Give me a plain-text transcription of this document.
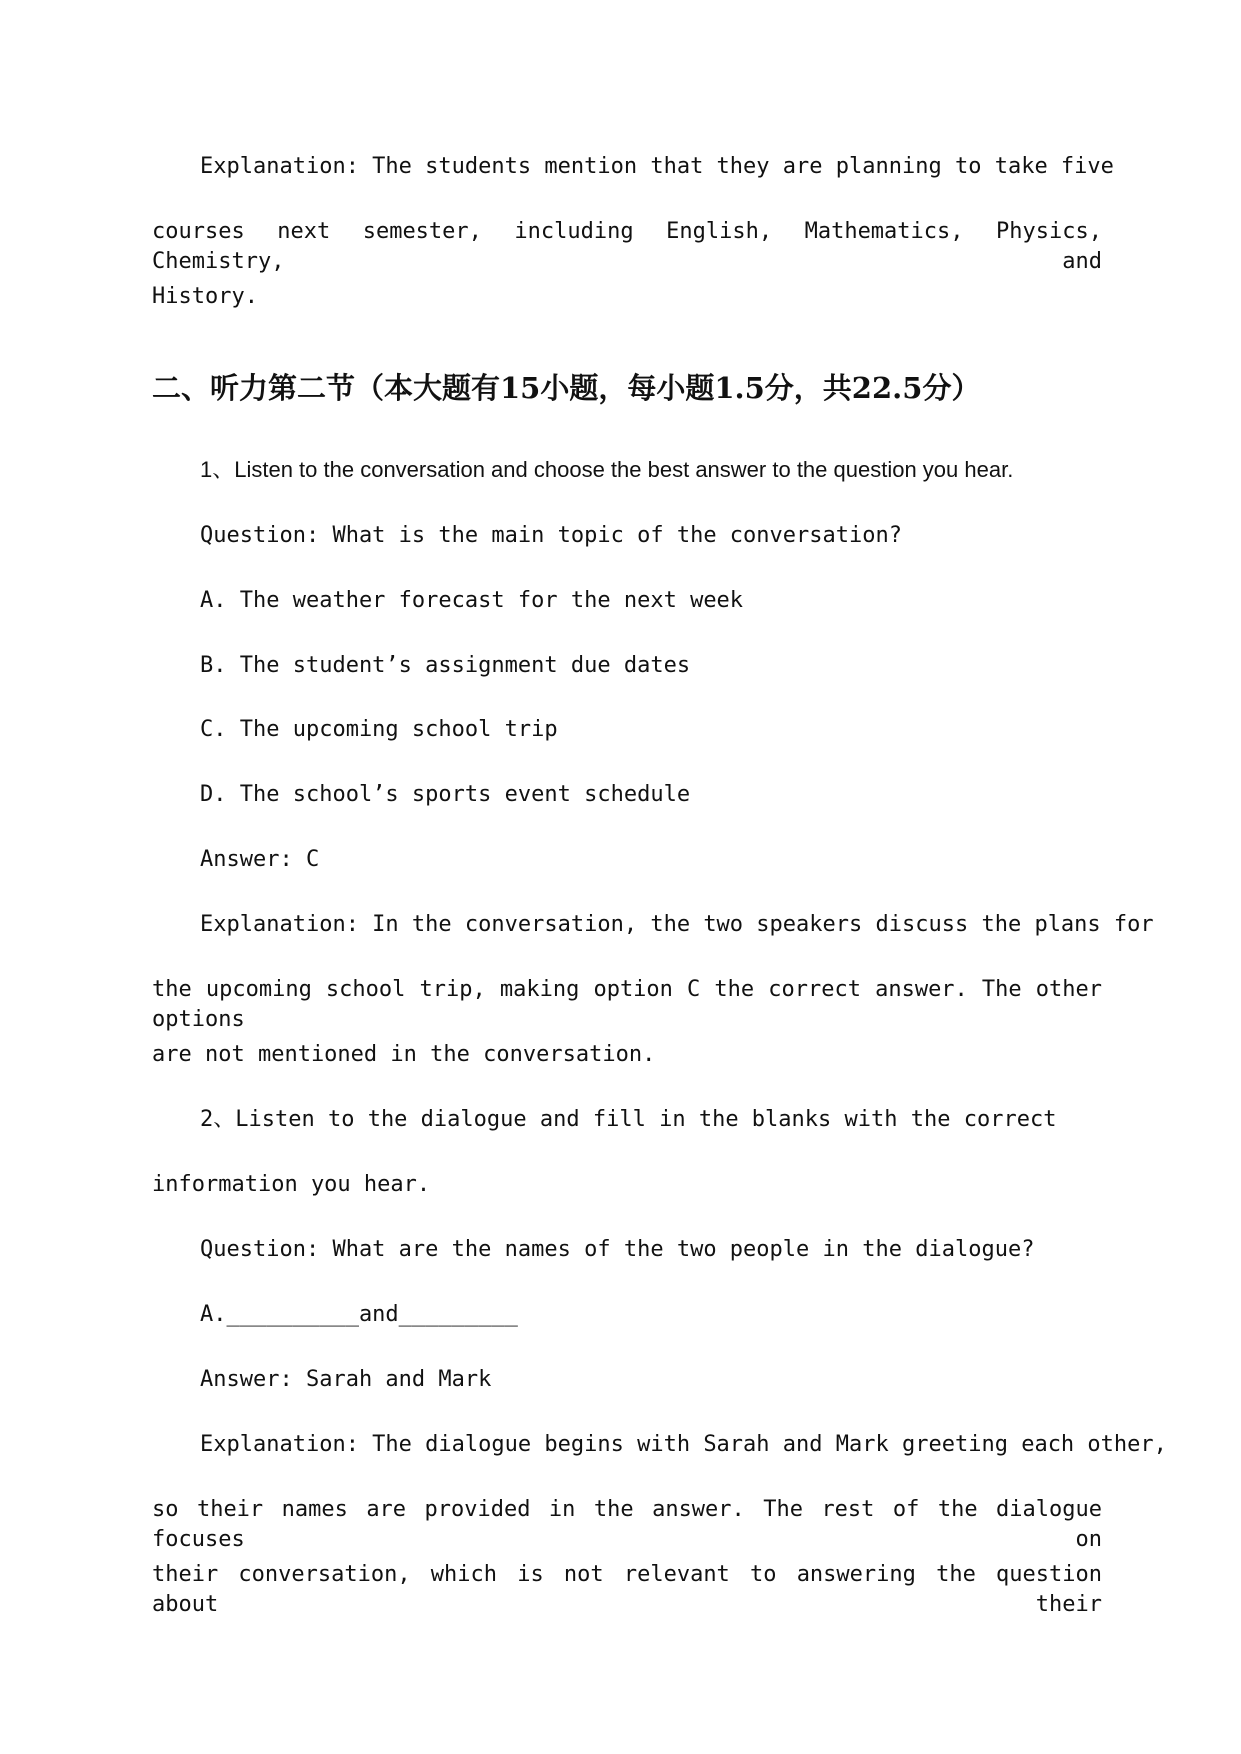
Explanation: The students mention that they are planning to take five
courses next semester, including English, Mathematics, Physics, Chemistry, and
History.
二、听力第二节（本大题有15小题，每小题1.5分，共22.5分）
1、Listen to the conversation and choose the best answer to the question you hear.
Question: What is the main topic of the conversation?
A. The weather forecast for the next week
B. The student’s assignment due dates
C. The upcoming school trip
D. The school’s sports event schedule
Answer: C
Explanation: In the conversation, the two speakers discuss the plans for
the upcoming school trip, making option C the correct answer. The other options
are not mentioned in the conversation.
2、Listen to the dialogue and fill in the blanks with the correct
information you hear.
Question: What are the names of the two people in the dialogue?
A.__________and_________
Answer: Sarah and Mark
Explanation: The dialogue begins with Sarah and Mark greeting each other,
so their names are provided in the answer. The rest of the dialogue focuses on
their conversation, which is not relevant to answering the question about their
